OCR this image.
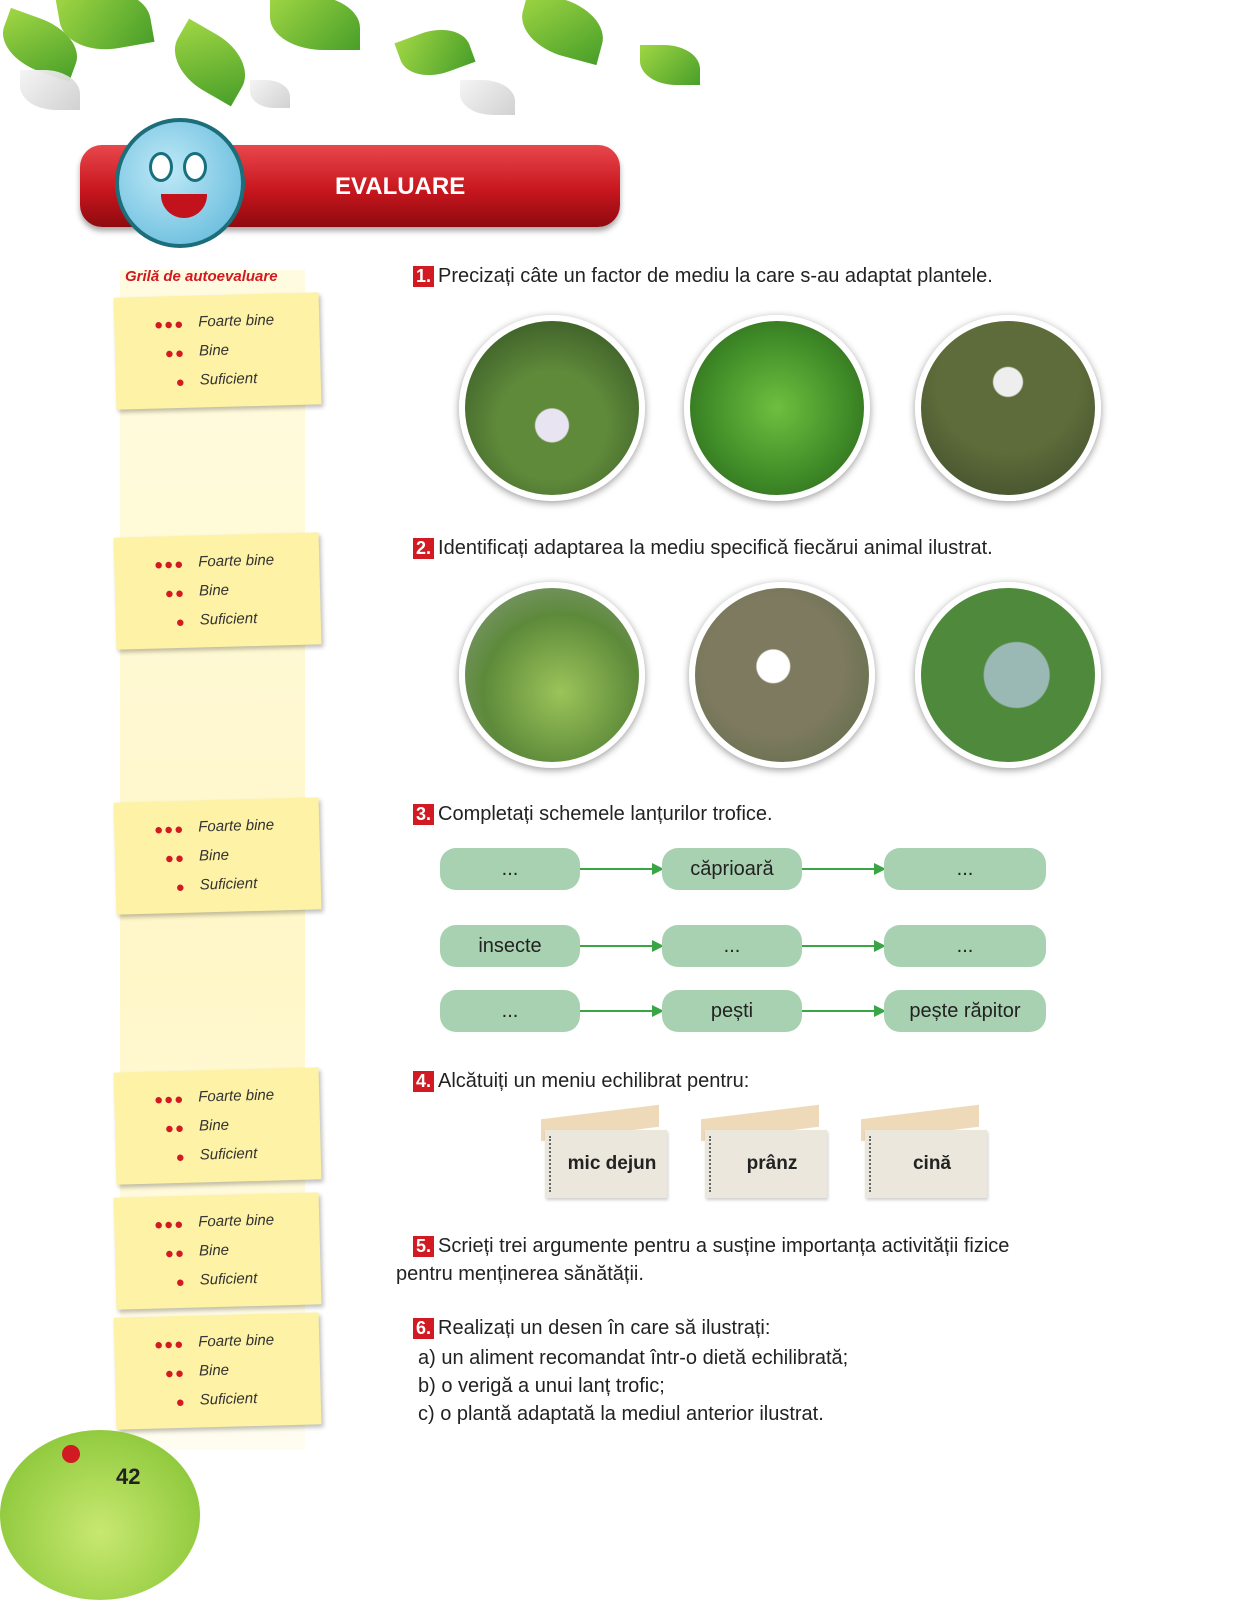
EVALUARE
Grilă de autoevaluare
●●● Foarte bine
●● Bine
● Suficient
●●● Foarte bine
●● Bine
● Suficient
●●● Foarte bine
●● Bine
● Suficient
●●● Foarte bine
●● Bine
● Suficient
●●● Foarte bine
●● Bine
● Suficient
●●● Foarte bine
●● Bine
● Suficient
1. Precizați câte un factor de mediu la care s-au adaptat plantele.
2. Identificați adaptarea la mediu specifică fiecărui animal ilustrat.
3. Completați schemele lanțurilor trofice.
...	căprioară	...
insecte	...	...
...	pești	pește răpitor
4. Alcătuiți un meniu echilibrat pentru:
mic dejun	prânz	cină
5. Scrieți trei argumente pentru a susține importanța activității fizice
pentru menținerea sănătății.
6. Realizați un desen în care să ilustrați:
a) un aliment recomandat într-o dietă echilibrată;
b) o verigă a unui lanț trofic;
c) o plantă adaptată la mediul anterior ilustrat.
42
